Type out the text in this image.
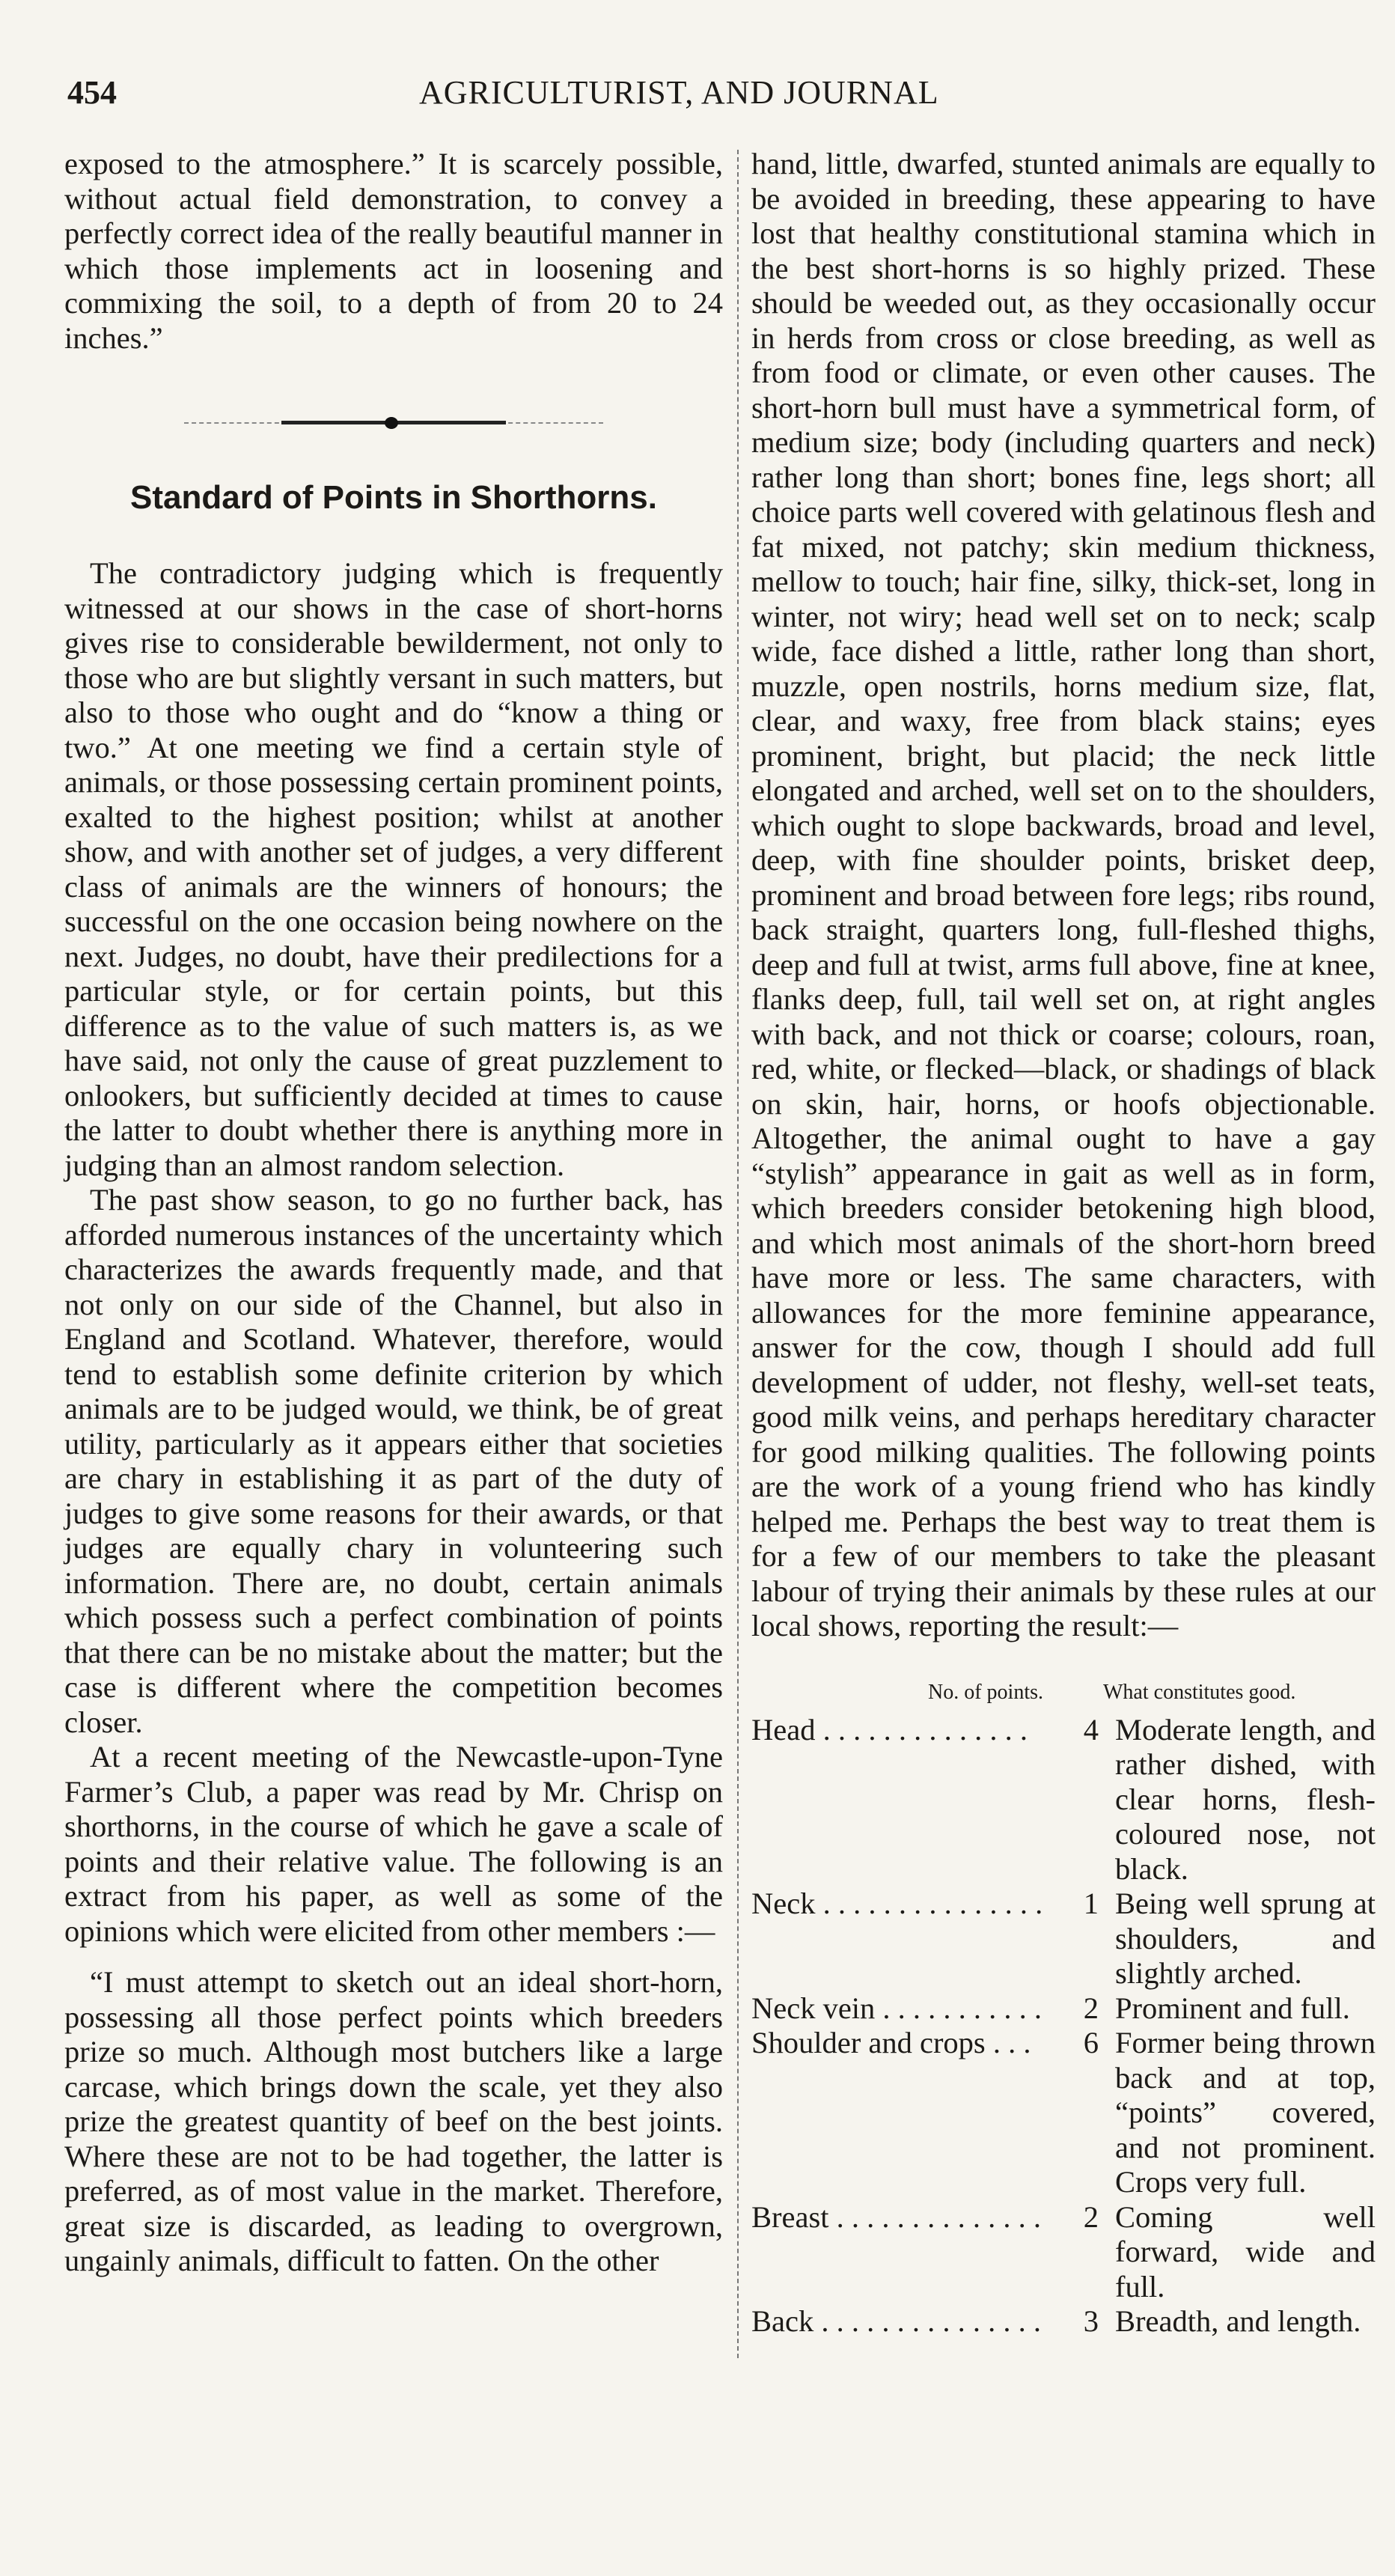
454	AGRICULTURIST, AND JOURNAL

exposed to the atmosphere.” It is scarcely possible, without actual field demonstration, to convey a perfectly correct idea of the really beautiful manner in which those implements act in loosening and commixing the soil, to a depth of from 20 to 24 inches.”

Standard of Points in Shorthorns.

The contradictory judging which is frequently witnessed at our shows in the case of short-horns gives rise to considerable bewilderment, not only to those who are but slightly versant in such matters, but also to those who ought and do “know a thing or two.” At one meeting we find a certain style of animals, or those possessing certain prominent points, exalted to the highest position; whilst at another show, and with another set of judges, a very different class of animals are the winners of honours; the successful on the one occasion being nowhere on the next. Judges, no doubt, have their predilections for a particular style, or for certain points, but this difference as to the value of such matters is, as we have said, not only the cause of great puzzlement to onlookers, but sufficiently decided at times to cause the latter to doubt whether there is anything more in judging than an almost random selection.

The past show season, to go no further back, has afforded numerous instances of the uncertainty which characterizes the awards frequently made, and that not only on our side of the Channel, but also in England and Scotland. Whatever, therefore, would tend to establish some definite criterion by which animals are to be judged would, we think, be of great utility, particularly as it appears either that societies are chary in establishing it as part of the duty of judges to give some reasons for their awards, or that judges are equally chary in volunteering such information. There are, no doubt, certain animals which possess such a perfect combination of points that there can be no mistake about the matter; but the case is different where the competition becomes closer.

At a recent meeting of the Newcastle-upon-Tyne Farmer’s Club, a paper was read by Mr. Chrisp on shorthorns, in the course of which he gave a scale of points and their relative value. The following is an extract from his paper, as well as some of the opinions which were elicited from other members :—

“I must attempt to sketch out an ideal short-horn, possessing all those perfect points which breeders prize so much. Although most butchers like a large carcase, which brings down the scale, yet they also prize the greatest quantity of beef on the best joints. Where these are not to be had together, the latter is preferred, as of most value in the market. Therefore, great size is discarded, as leading to overgrown, ungainly animals, difficult to fatten. On the other

hand, little, dwarfed, stunted animals are equally to be avoided in breeding, these appearing to have lost that healthy constitutional stamina which in the best short-horns is so highly prized. These should be weeded out, as they occasionally occur in herds from cross or close breeding, as well as from food or climate, or even other causes. The short-horn bull must have a symmetrical form, of medium size; body (including quarters and neck) rather long than short; bones fine, legs short; all choice parts well covered with gelatinous flesh and fat mixed, not patchy; skin medium thickness, mellow to touch; hair fine, silky, thick-set, long in winter, not wiry; head well set on to neck; scalp wide, face dished a little, rather long than short, muzzle, open nostrils, horns medium size, flat, clear, and waxy, free from black stains; eyes prominent, bright, but placid; the neck little elongated and arched, well set on to the shoulders, which ought to slope backwards, broad and level, deep, with fine shoulder points, brisket deep, prominent and broad between fore legs; ribs round, back straight, quarters long, full-fleshed thighs, deep and full at twist, arms full above, fine at knee, flanks deep, full, tail well set on, at right angles with back, and not thick or coarse; colours, roan, red, white, or flecked—black, or shadings of black on skin, hair, horns, or hoofs objectionable. Altogether, the animal ought to have a gay “stylish” appearance in gait as well as in form, which breeders consider betokening high blood, and which most animals of the short-horn breed have more or less. The same characters, with allowances for the more feminine appearance, answer for the cow, though I should add full development of udder, not fleshy, well-set teats, good milk veins, and perhaps hereditary character for good milking qualities. The following points are the work of a young friend who has kindly helped me. Perhaps the best way to treat them is for a few of our members to take the pleasant labour of trying their animals by these rules at our local shows, reporting the result:—

No. of points.	What constitutes good.
Head . . . . . . . . . . . . . .	4	Moderate length, and rather dished, with clear horns, flesh-coloured nose, not black.
Neck . . . . . . . . . . . . . . .	1	Being well sprung at shoulders, and slightly arched.
Neck vein . . . . . . . . . . .	2	Prominent and full.
Shoulder and crops . . .	6	Former being thrown back and at top, “points” covered, and not prominent. Crops very full.
Breast . . . . . . . . . . . . . .	2	Coming well forward, wide and full.
Back . . . . . . . . . . . . . . .	3	Breadth, and length.
